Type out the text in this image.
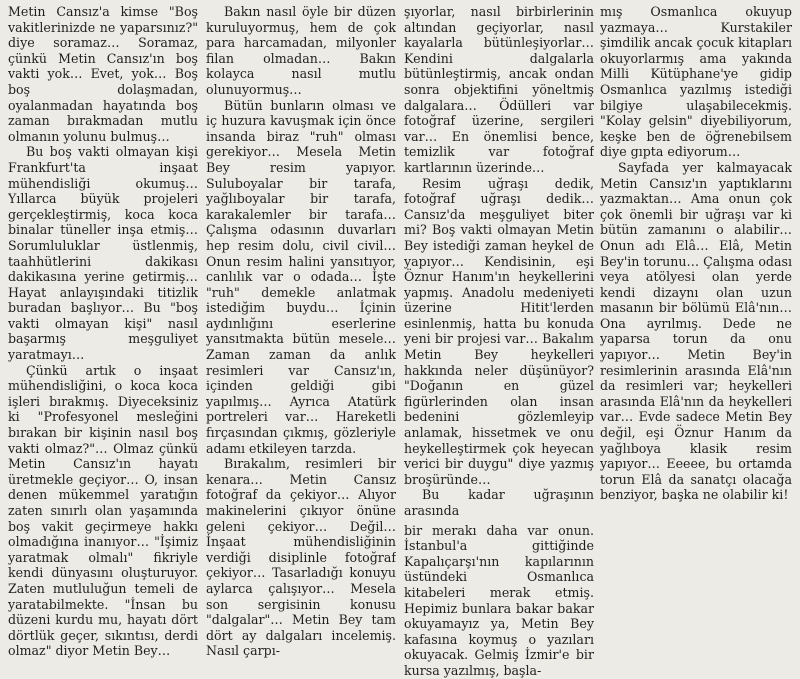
Metin Cansız'a kimse "Boş vakitlerinizde ne yaparsınız?" diye soramaz… Soramaz, çünkü Metin Cansız'ın boş vakti yok… Evet, yok… Boş boş dolaşmadan, oyalanmadan hayatında boş zaman bırakmadan mutlu olmanın yolunu bulmuş…

Bu boş vakti olmayan kişi Frankfurt'ta inşaat mühendisliği okumuş… Yıllarca büyük projeleri gerçekleştirmiş, koca koca binalar tüneller inşa etmiş… Sorumluluklar üstlenmiş, taahhütlerini dakikası dakikasına yerine getirmiş… Hayat anlayışındaki titizlik buradan başlıyor… Bu "boş vakti olmayan kişi" nasıl başarmış meşguliyet yaratmayı…

Çünkü artık o inşaat mühendisliğini, o koca koca işleri bırakmış. Diyeceksiniz ki "Profesyonel mesleğini bırakan bir kişinin nasıl boş vakti olmaz?"… Olmaz çünkü Metin Cansız'ın hayatı üretmekle geçiyor… O, insan denen mükemmel yaratığın zaten sınırlı olan yaşamında boş vakit geçirmeye hakkı olmadığına inanıyor… "İşimiz yaratmak olmalı" fikriyle kendi dünyasını oluşturuyor. Zaten mutluluğun temeli de yaratabilmekte. "İnsan bu düzeni kurdu mu, hayatı dört dörtlük geçer, sıkıntısı, derdi olmaz" diyor Metin Bey…

Bakın nasıl öyle bir düzen kuruluyormuş, hem de çok para harcamadan, milyonler filan olmadan… Bakın kolayca nasıl mutlu olunuyormuş…

Bütün bunların olması ve iç huzura kavuşmak için önce insanda biraz "ruh" olması gerekiyor… Mesela Metin Bey resim yapıyor. Suluboyalar bir tarafa, yağlıboyalar bir tarafa, karakalemler bir tarafa… Çalışma odasının duvarları hep resim dolu, civil civil… Onun resim halini yansıtıyor, canlılık var o odada… İşte "ruh" demekle anlatmak istediğim buydu… İçinin aydınlığını eserlerine yansıtmakta bütün mesele… Zaman zaman da anlık resimleri var Cansız'ın, içinden geldiği gibi yapılmış… Ayrıca Atatürk portreleri var… Hareketli fırçasından çıkmış, gözleriyle adamı etkileyen tarzda.

Bırakalım, resimleri bir kenara… Metin Cansız fotoğraf da çekiyor… Alıyor makinelerini çıkıyor önüne geleni çekiyor… Değil… İnşaat mühendisliğinin verdiği disiplinle fotoğraf çekiyor… Tasarladığı konuyu aylarca çalışıyor… Mesela son sergisinin konusu "dalgalar"… Metin Bey tam dört ay dalgaları incelemiş. Nasıl çarpı-

şıyorlar, nasıl birbirlerinin altından geçiyorlar, nasıl kayalarla bütünleşiyorlar… Kendini dalgalarla bütünleştirmiş, ancak ondan sonra objektifini yöneltmiş dalgalara… Ödülleri var fotoğraf üzerine, sergileri var… En önemlisi bence, temizlik var fotoğraf kartlarının üzerinde…

Resim uğraşı dedik, fotoğraf uğraşı dedik… Cansız'da meşguliyet biter mi? Boş vakti olmayan Metin Bey istediği zaman heykel de yapıyor… Kendisinin, eşi Öznur Hanım'ın heykellerini yapmış. Anadolu medeniyeti üzerine Hitit'lerden esinlenmiş, hatta bu konuda yeni bir projesi var… Bakalım Metin Bey heykelleri hakkında neler düşünüyor? "Doğanın en güzel figürlerinden olan insan bedenini gözlemleyip anlamak, hissetmek ve onu heykelleştirmek çok heyecan verici bir duygu" diye yazmış broşüründe…

Bu kadar uğraşının arasında

bir merakı daha var onun. İstanbul'a gittiğinde Kapalıçarşı'nın kapılarının üstündeki Osmanlıca kitabeleri merak etmiş. Hepimiz bunlara bakar bakar okuyamayız ya, Metin Bey kafasına koymuş o yazıları okuyacak. Gelmiş İzmir'e bir kursa yazılmış, başla-

mış Osmanlıca okuyup yazmaya… Kurstakiler şimdilik ancak çocuk kitapları okuyorlarmış ama yakında Milli Kütüphane'ye gidip Osmanlıca yazılmış istediği bilgiye ulaşabilecekmiş. "Kolay gelsin" diyebiliyorum, keşke ben de öğrenebilsem diye gıpta ediyorum…

Sayfada yer kalmayacak Metin Cansız'ın yaptıklarını yazmaktan… Ama onun çok çok önemli bir uğraşı var ki bütün zamanını o alabilir… Onun adı Elâ… Elâ, Metin Bey'in torunu… Çalışma odası veya atölyesi olan yerde kendi dizaynı olan uzun masanın bir bölümü Elâ'nın… Ona ayrılmış. Dede ne yaparsa torun da onu yapıyor… Metin Bey'in resimlerinin arasında Elâ'nın da resimleri var; heykelleri arasında Elâ'nın da heykelleri var… Evde sadece Metin Bey değil, eşi Öznur Hanım da yağlıboya klasik resim yapıyor… Eeeee, bu ortamda torun Elâ da sanatçı olacağa benziyor, başka ne olabilir ki!
